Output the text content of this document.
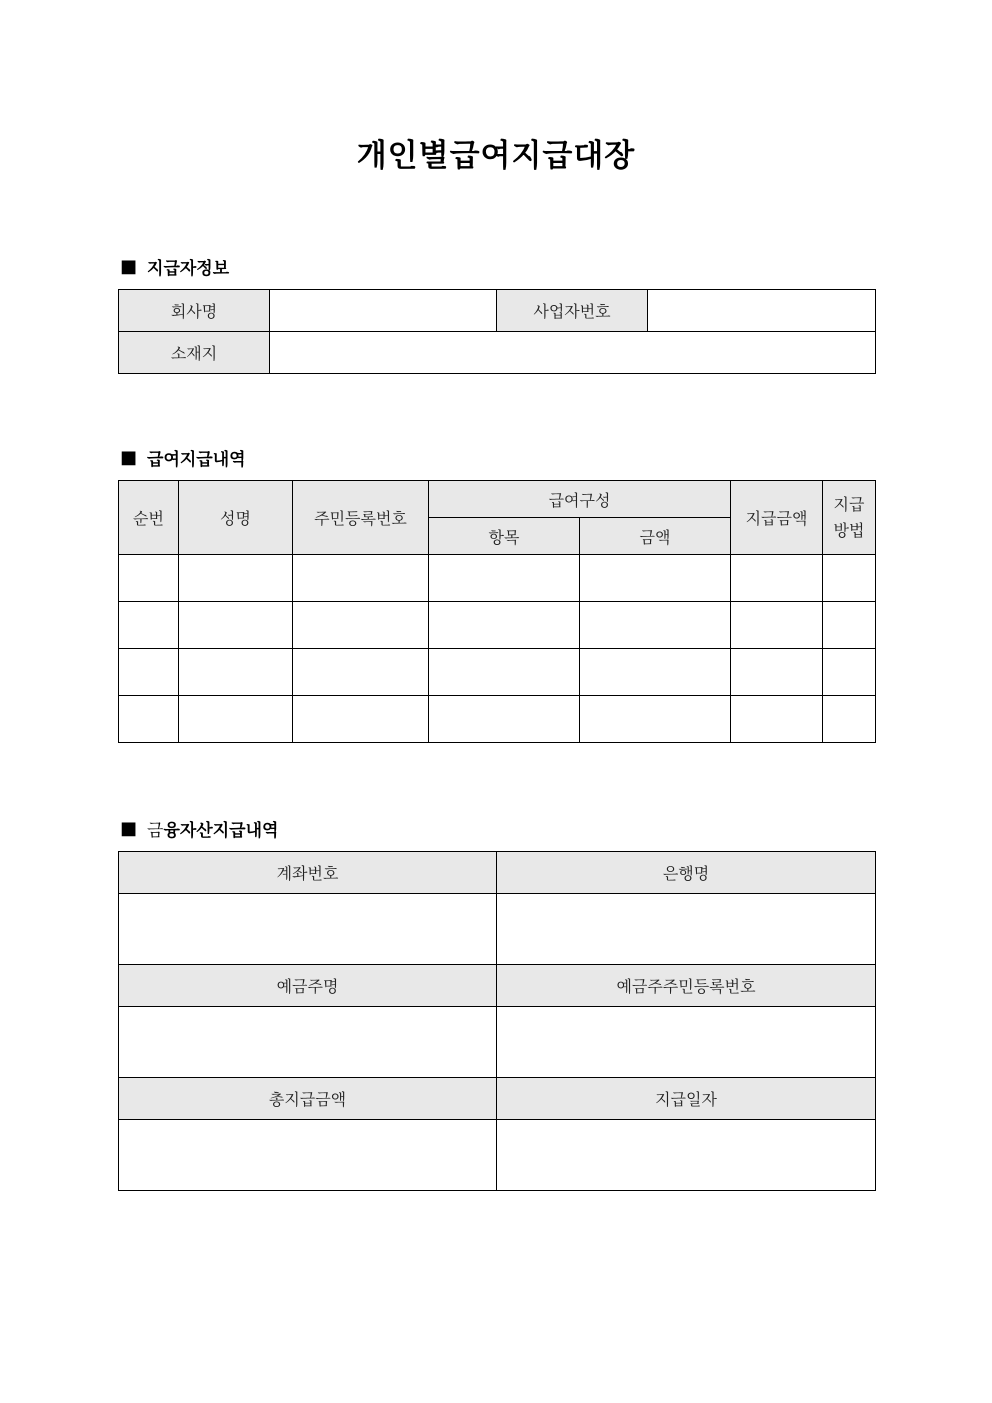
개인별급여지급대장
■ 지급자정보
회사명		사업자번호	
소재지			
■ 급여지급내역
순번	성명	주민등록번호	급여구성		지급금액	지급
방법
			항목	금액		

■ 금 융자산지급내역
계좌번호	은행명

예금주명	예금주주민등록번호

총지급금액	지급일자
